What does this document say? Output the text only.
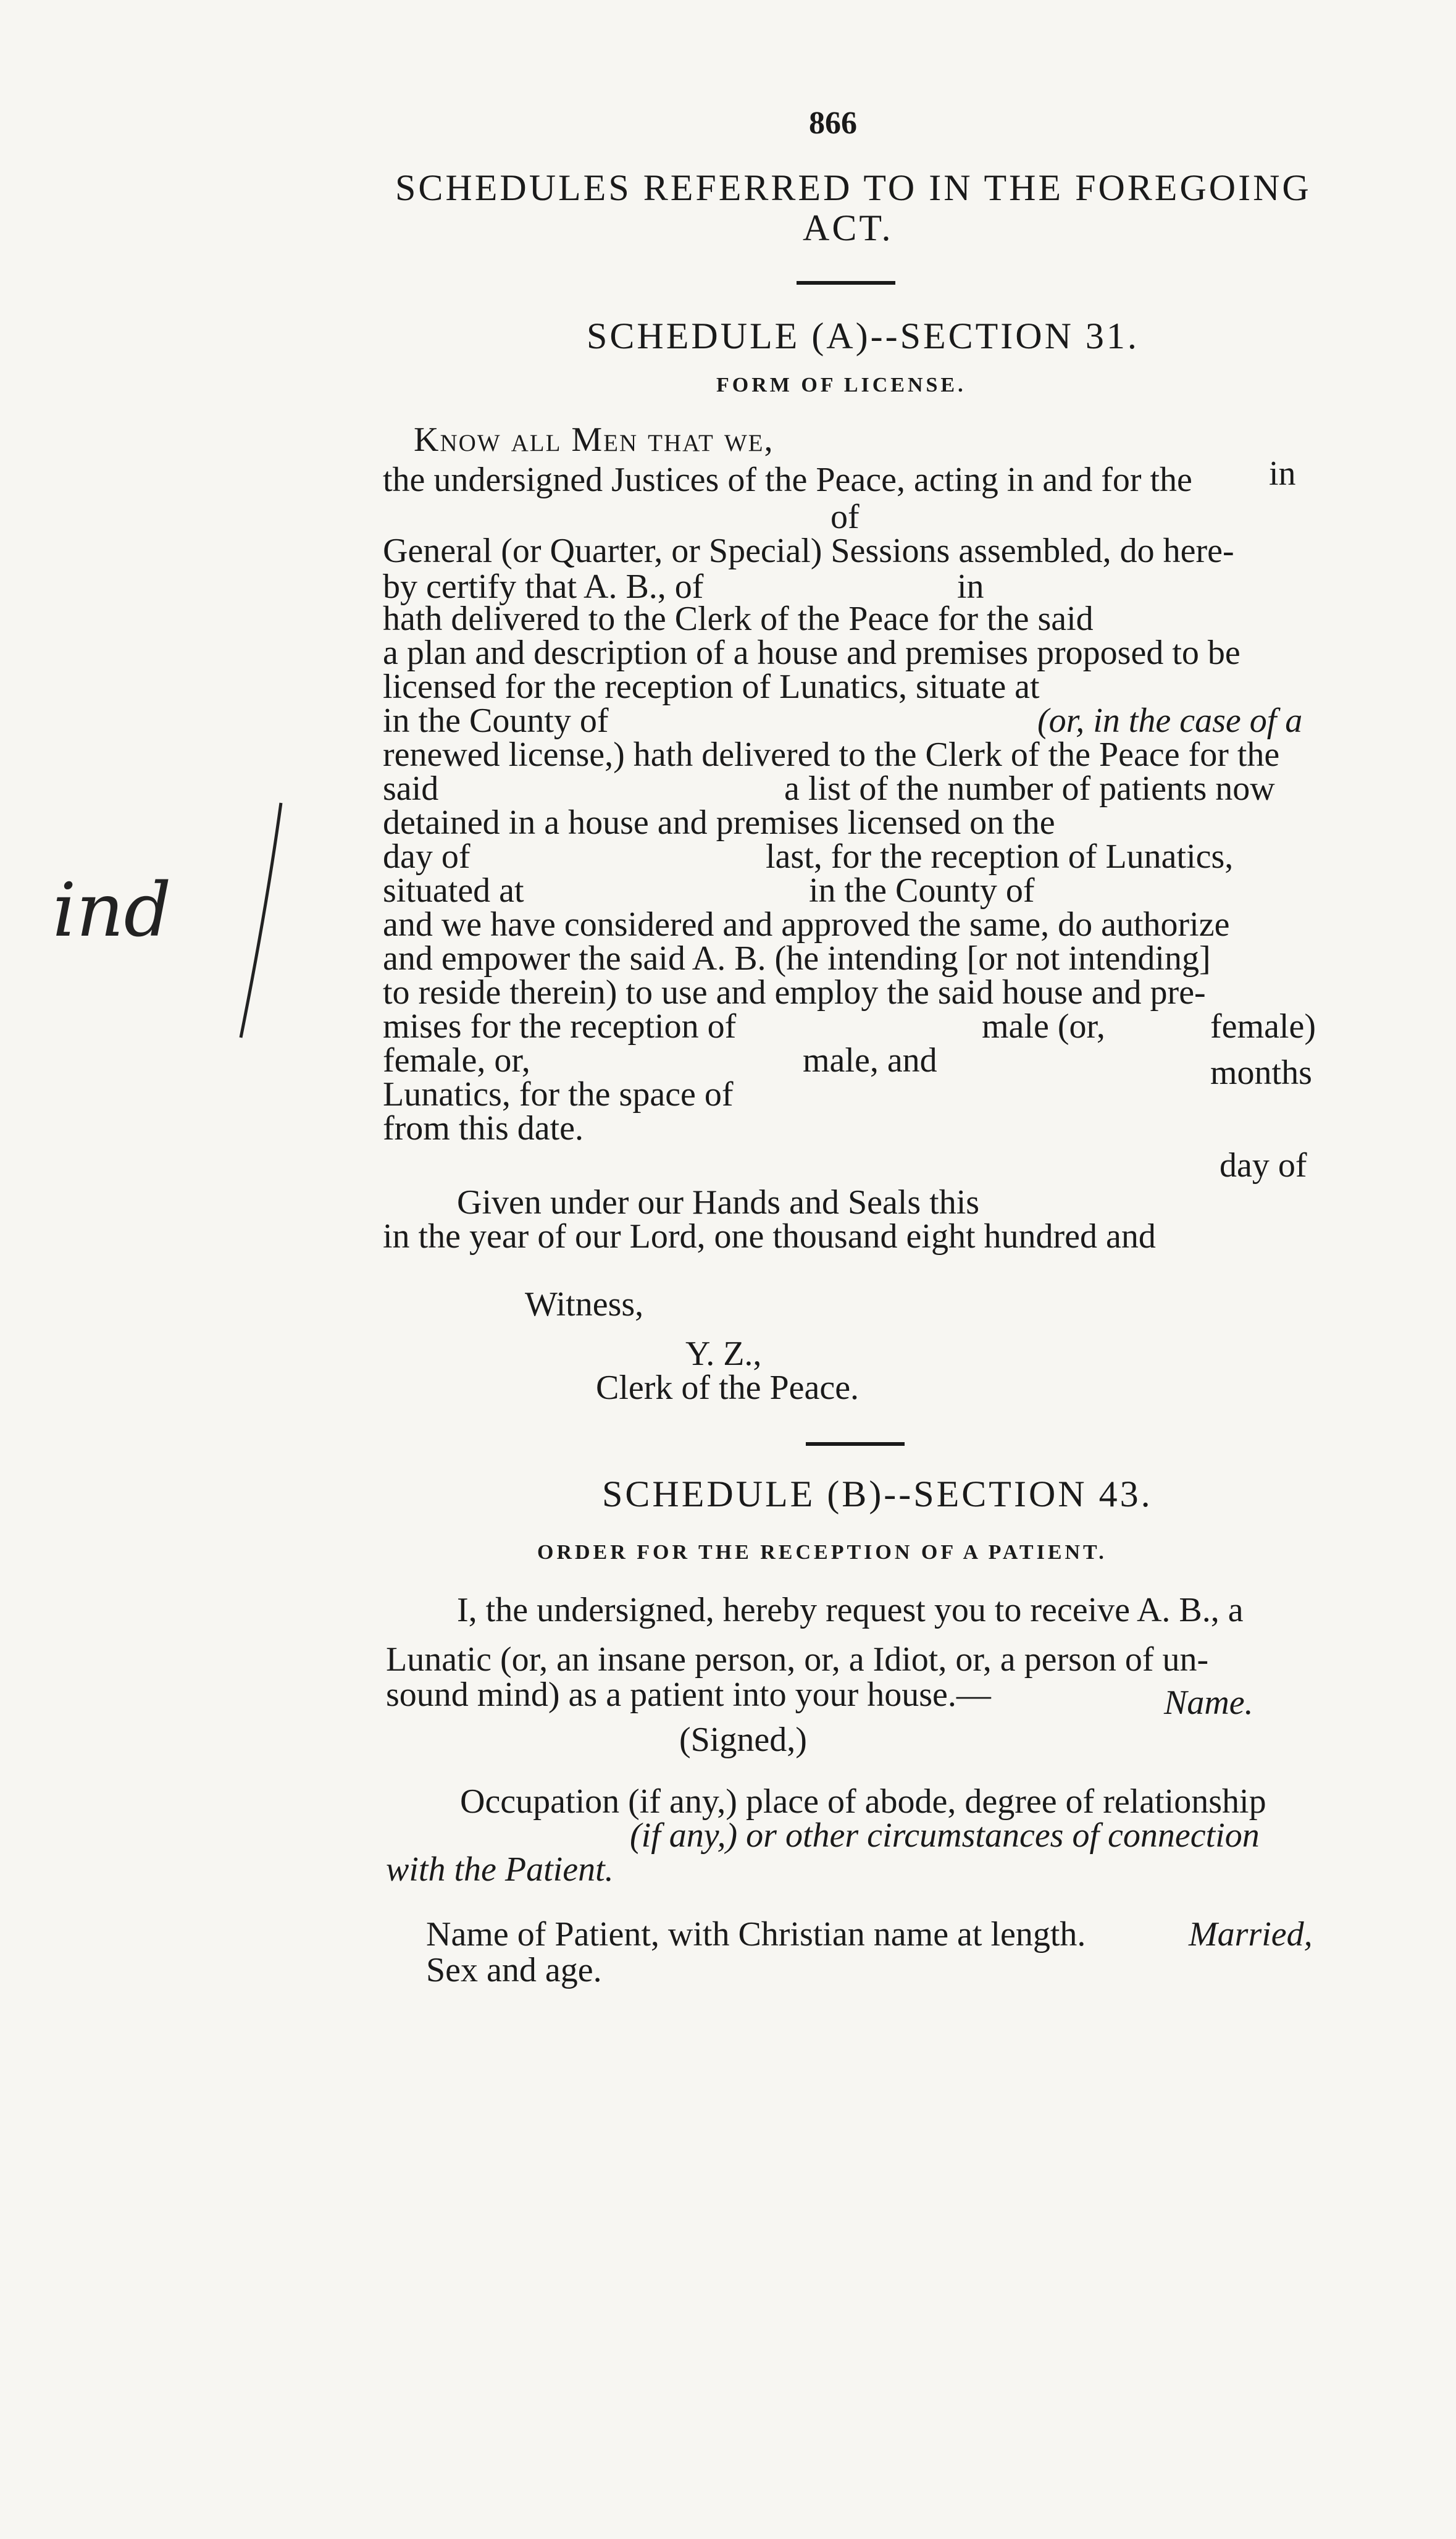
866
SCHEDULES REFERRED TO IN THE FOREGOING
ACT.
SCHEDULE (A)--SECTION 31.
FORM OF LICENSE.
Know all Men that we,
the undersigned Justices of the Peace, acting in and for the
of
in
General (or Quarter, or Special) Sessions assembled, do here-
by certify that A. B., of	in
hath delivered to the Clerk of the Peace for the said
a plan and description of a house and premises proposed to be
licensed for the reception of Lunatics, situate at
in the County of	(or, in the case of a
renewed license,) hath delivered to the Clerk of the Peace for the
said	a list of the number of patients now
detained in a house and premises licensed on the
day of	last, for the reception of Lunatics,
situated at	in the County of
and we have considered and approved the same, do authorize
and empower the said A. B. (he intending [or not intending]
to reside therein) to use and employ the said house and pre-
mises for the reception of	male (or,	female)
female, or,	male, and
Lunatics, for the space of
months
from this date.
day of
Given under our Hands and Seals this
in the year of our Lord, one thousand eight hundred and
Witness,
Y. Z.,
Clerk of the Peace.
SCHEDULE (B)--SECTION 43.
ORDER FOR THE RECEPTION OF A PATIENT.
I, the undersigned, hereby request you to receive A. B., a
Lunatic (or, an insane person, or, a Idiot, or, a person of un-
sound mind) as a patient into your house.—
(Signed,)
Name.
Occupation (if any,) place of abode, degree of relationship
(if any,) or other circumstances of connection
with the Patient.
Name of Patient, with Christian name at length.
Sex and age.
Married,
ind
